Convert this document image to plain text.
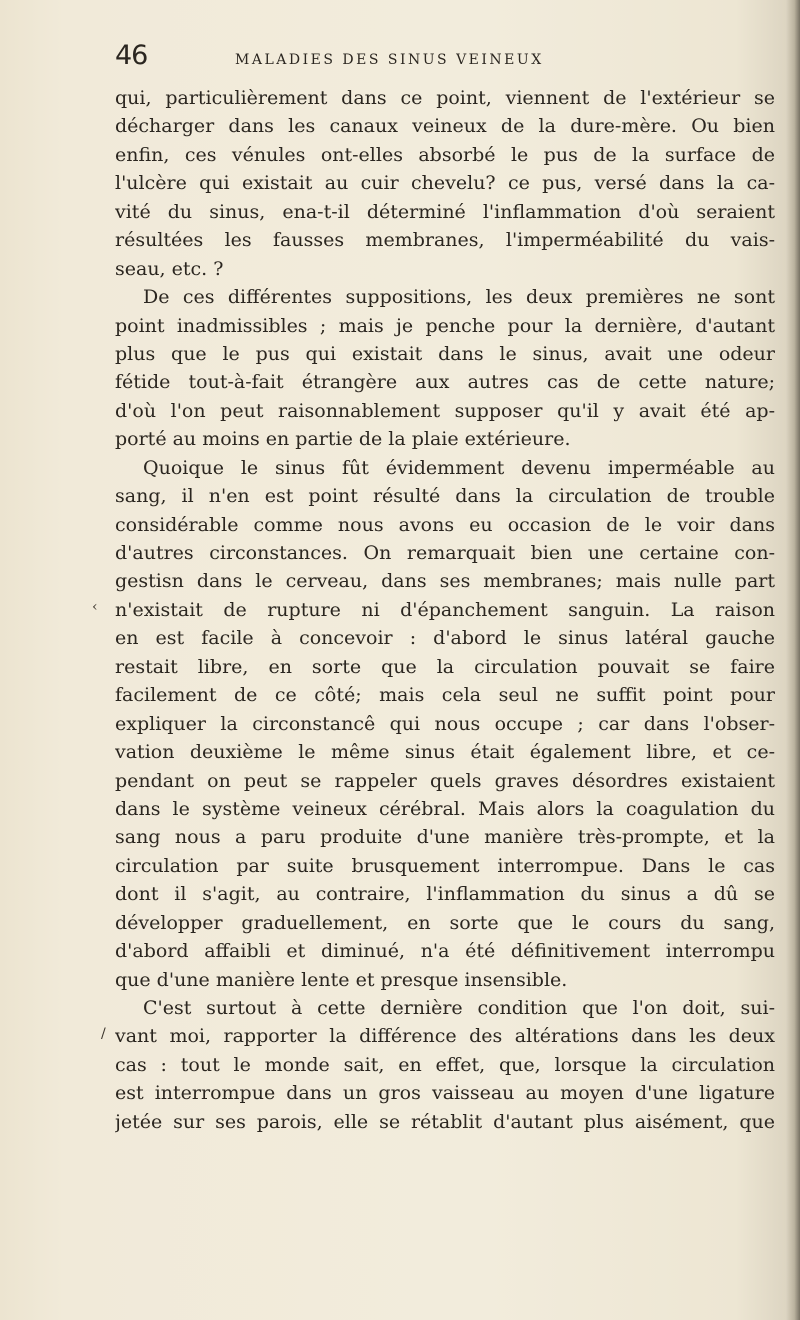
46	MALADIES DES SINUS VEINEUX
‹
/
qui, particulièrement dans ce point, viennent de l'extérieur se
décharger dans les canaux veineux de la dure-mère. Ou bien
enfin, ces vénules ont-elles absorbé le pus de la surface de
l'ulcère qui existait au cuir chevelu? ce pus, versé dans la ca-
vité du sinus, ena-t-il déterminé l'inflammation d'où seraient
résultées les fausses membranes, l'imperméabilité du vais-
seau, etc. ?
De ces différentes suppositions, les deux premières ne sont
point inadmissibles ; mais je penche pour la dernière, d'autant
plus que le pus qui existait dans le sinus, avait une odeur
fétide tout-à-fait étrangère aux autres cas de cette nature;
d'où l'on peut raisonnablement supposer qu'il y avait été ap-
porté au moins en partie de la plaie extérieure.
Quoique le sinus fût évidemment devenu imperméable au
sang, il n'en est point résulté dans la circulation de trouble
considérable comme nous avons eu occasion de le voir dans
d'autres circonstances. On remarquait bien une certaine con-
gestisn dans le cerveau, dans ses membranes; mais nulle part
n'existait de rupture ni d'épanchement sanguin. La raison
en est facile à concevoir : d'abord le sinus latéral gauche
restait libre, en sorte que la circulation pouvait se faire
facilement de ce côté; mais cela seul ne suffit point pour
expliquer la circonstancê qui nous occupe ; car dans l'obser-
vation deuxième le même sinus était également libre, et ce-
pendant on peut se rappeler quels graves désordres existaient
dans le système veineux cérébral. Mais alors la coagulation du
sang nous a paru produite d'une manière très-prompte, et la
circulation par suite brusquement interrompue. Dans le cas
dont il s'agit, au contraire, l'inflammation du sinus a dû se
développer graduellement, en sorte que le cours du sang,
d'abord affaibli et diminué, n'a été définitivement interrompu
que d'une manière lente et presque insensible.
C'est surtout à cette dernière condition que l'on doit, sui-
vant moi, rapporter la différence des altérations dans les deux
cas : tout le monde sait, en effet, que, lorsque la circulation
est interrompue dans un gros vaisseau au moyen d'une ligature
jetée sur ses parois, elle se rétablit d'autant plus aisément, que
